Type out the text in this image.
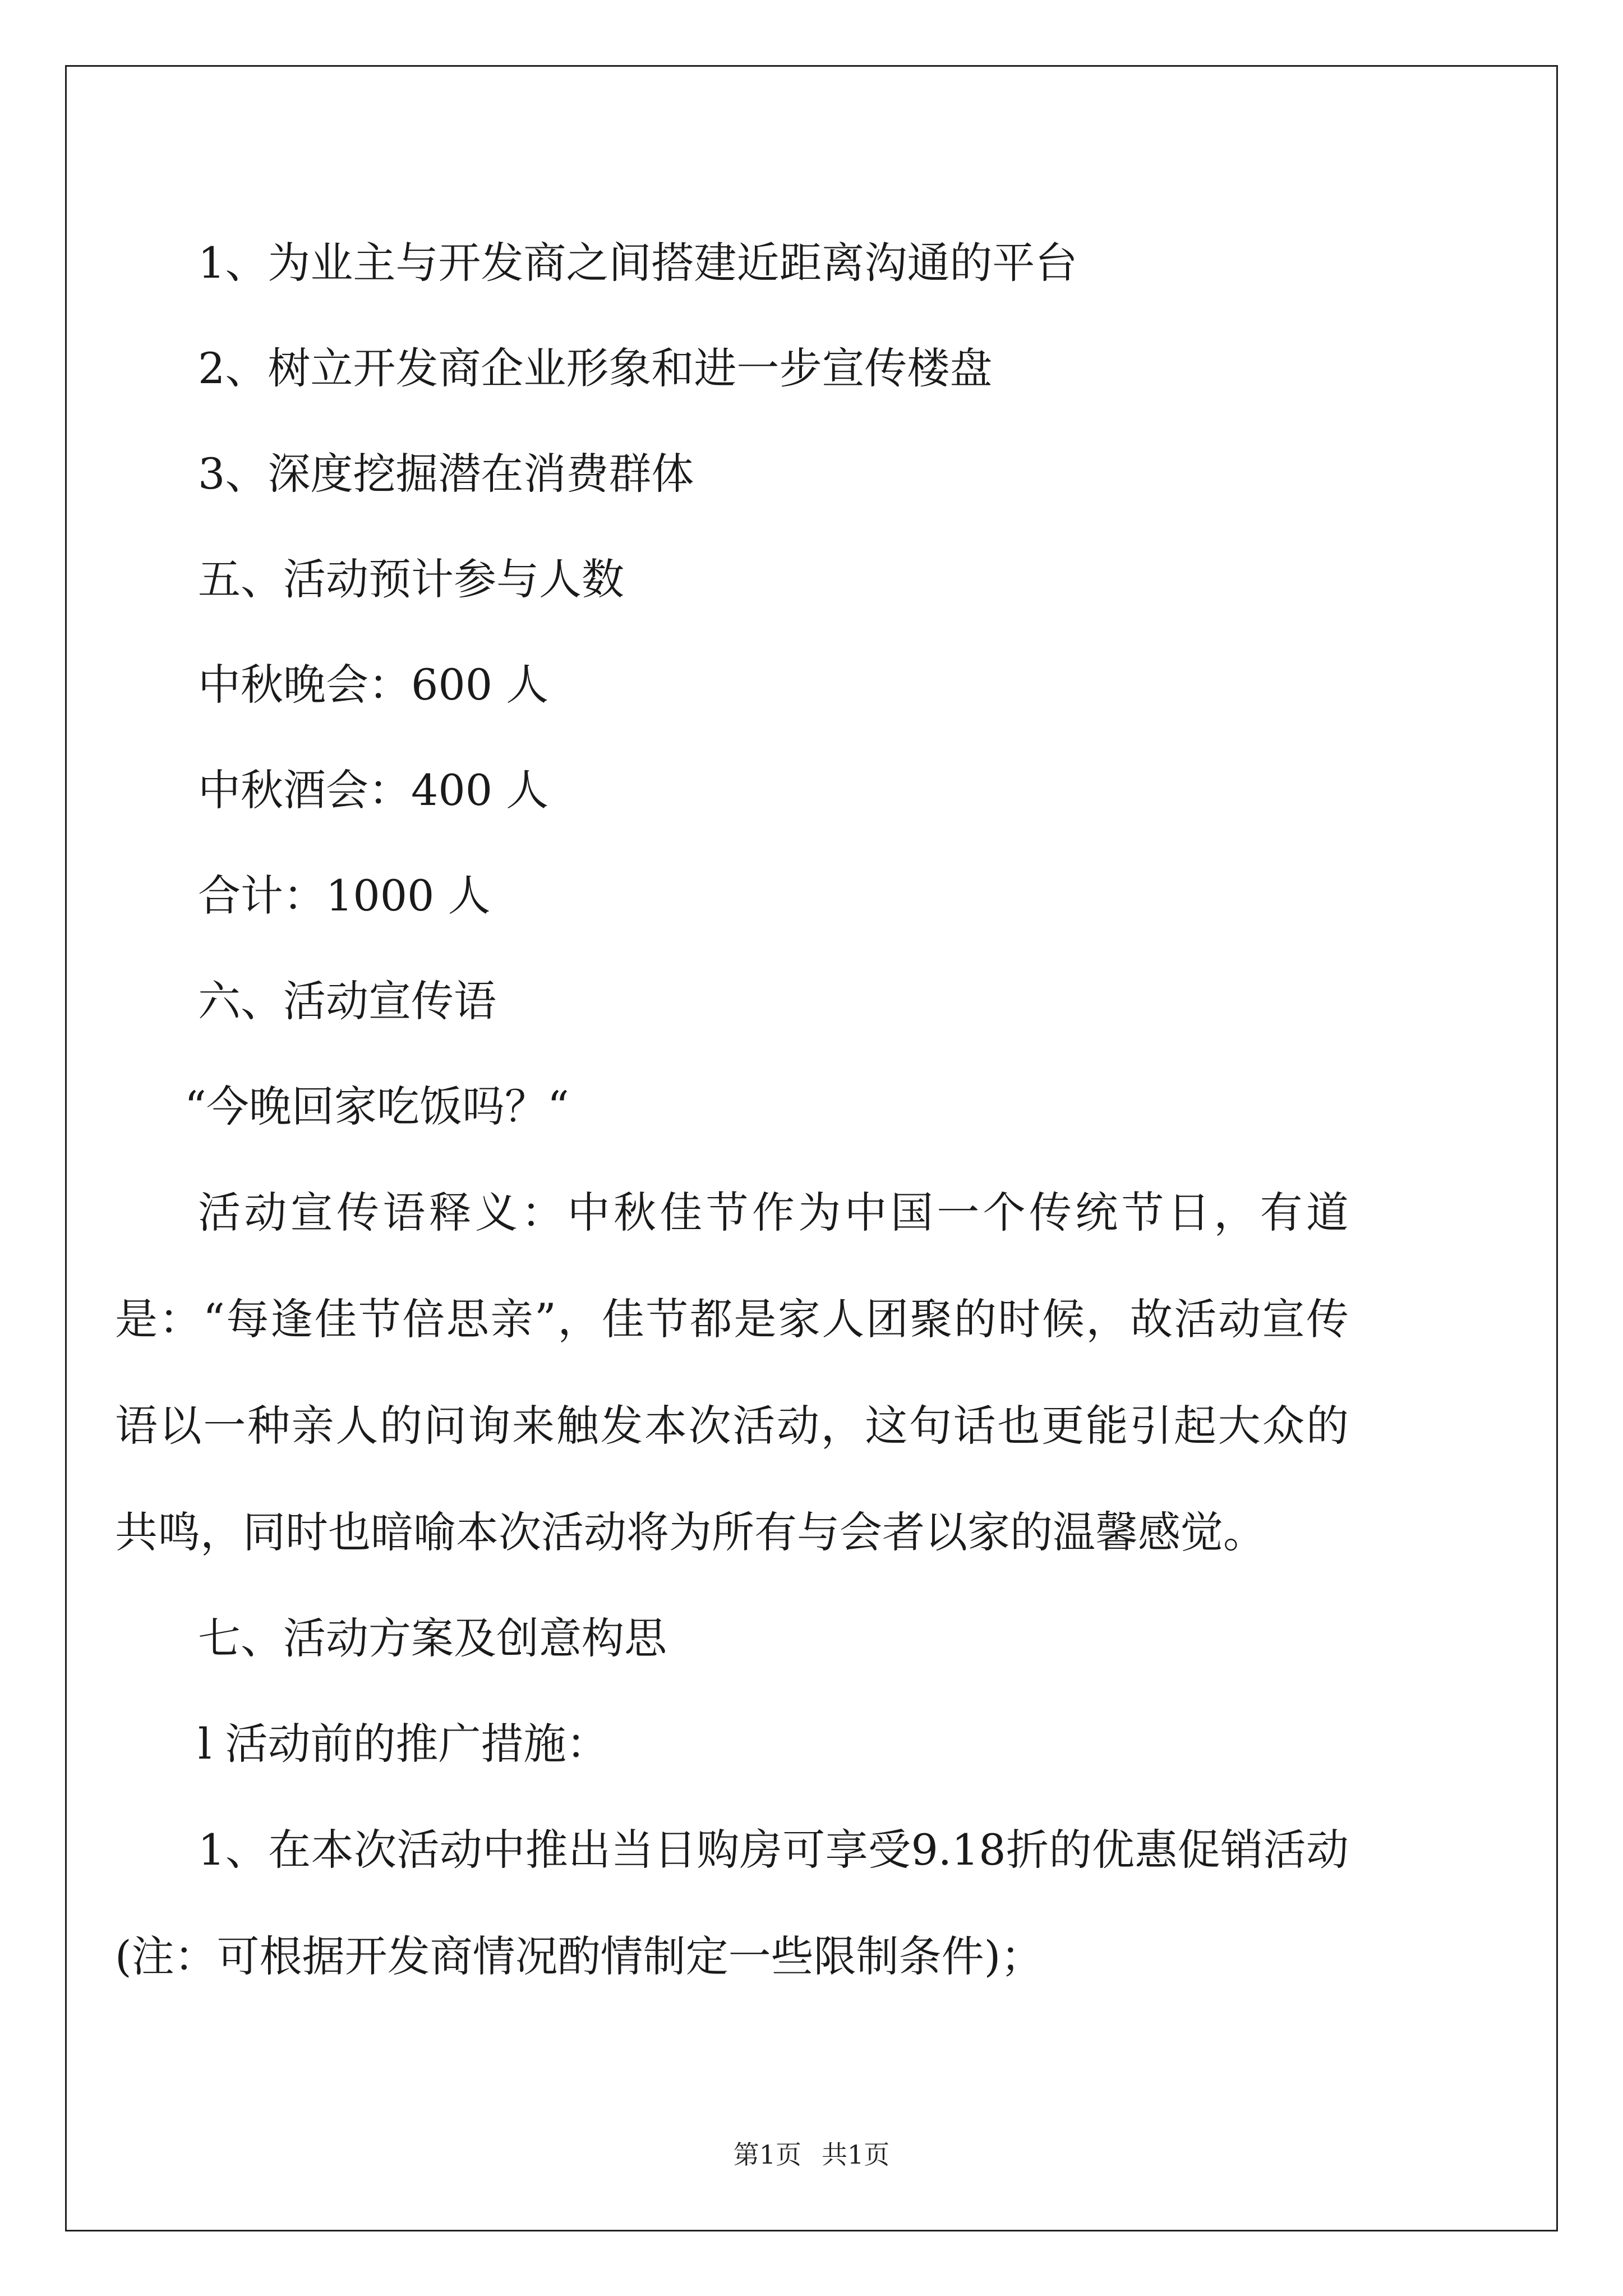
1、为业主与开发商之间搭建近距离沟通的平台

2、树立开发商企业形象和进一步宣传楼盘

3、深度挖掘潜在消费群体

五、活动预计参与人数

中秋晚会：600 人

中秋酒会：400 人

合计：1000 人

六、活动宣传语

“今晚回家吃饭吗？“

活动宣传语释义：中秋佳节作为中国一个传统节日，有道是：“每逢佳节倍思亲”，佳节都是家人团聚的时候，故活动宣传语以一种亲人的问询来触发本次活动，这句话也更能引起大众的共鸣，同时也暗喻本次活动将为所有与会者以家的温馨感觉。

七、活动方案及创意构思

l 活动前的推广措施：

1、在本次活动中推出当日购房可享受9.18折的优惠促销活动(注：可根据开发商情况酌情制定一些限制条件)；

第1页 共1页
